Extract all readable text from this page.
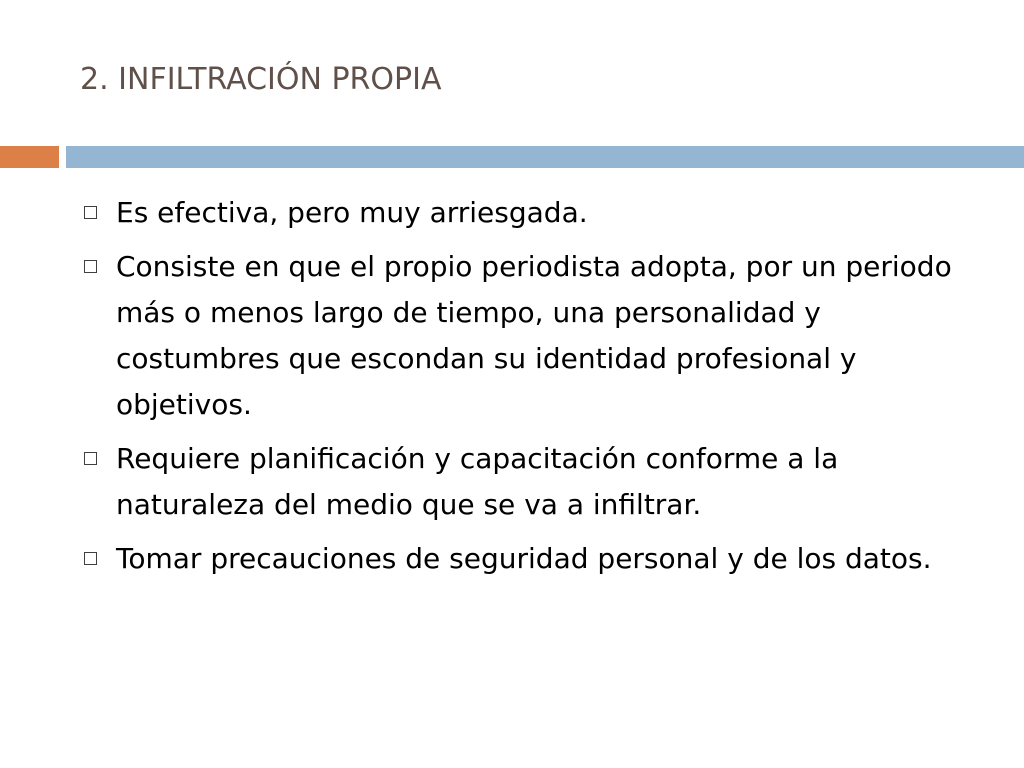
2. INFILTRACIÓN PROPIA
Es efectiva, pero muy arriesgada.
Consiste en que el propio periodista adopta, por un periodo más o menos largo de tiempo, una personalidad y costumbres que escondan su identidad profesional y objetivos.
Requiere planificación y capacitación conforme a la naturaleza del medio que se va a infiltrar.
Tomar precauciones de seguridad personal y de los datos.
